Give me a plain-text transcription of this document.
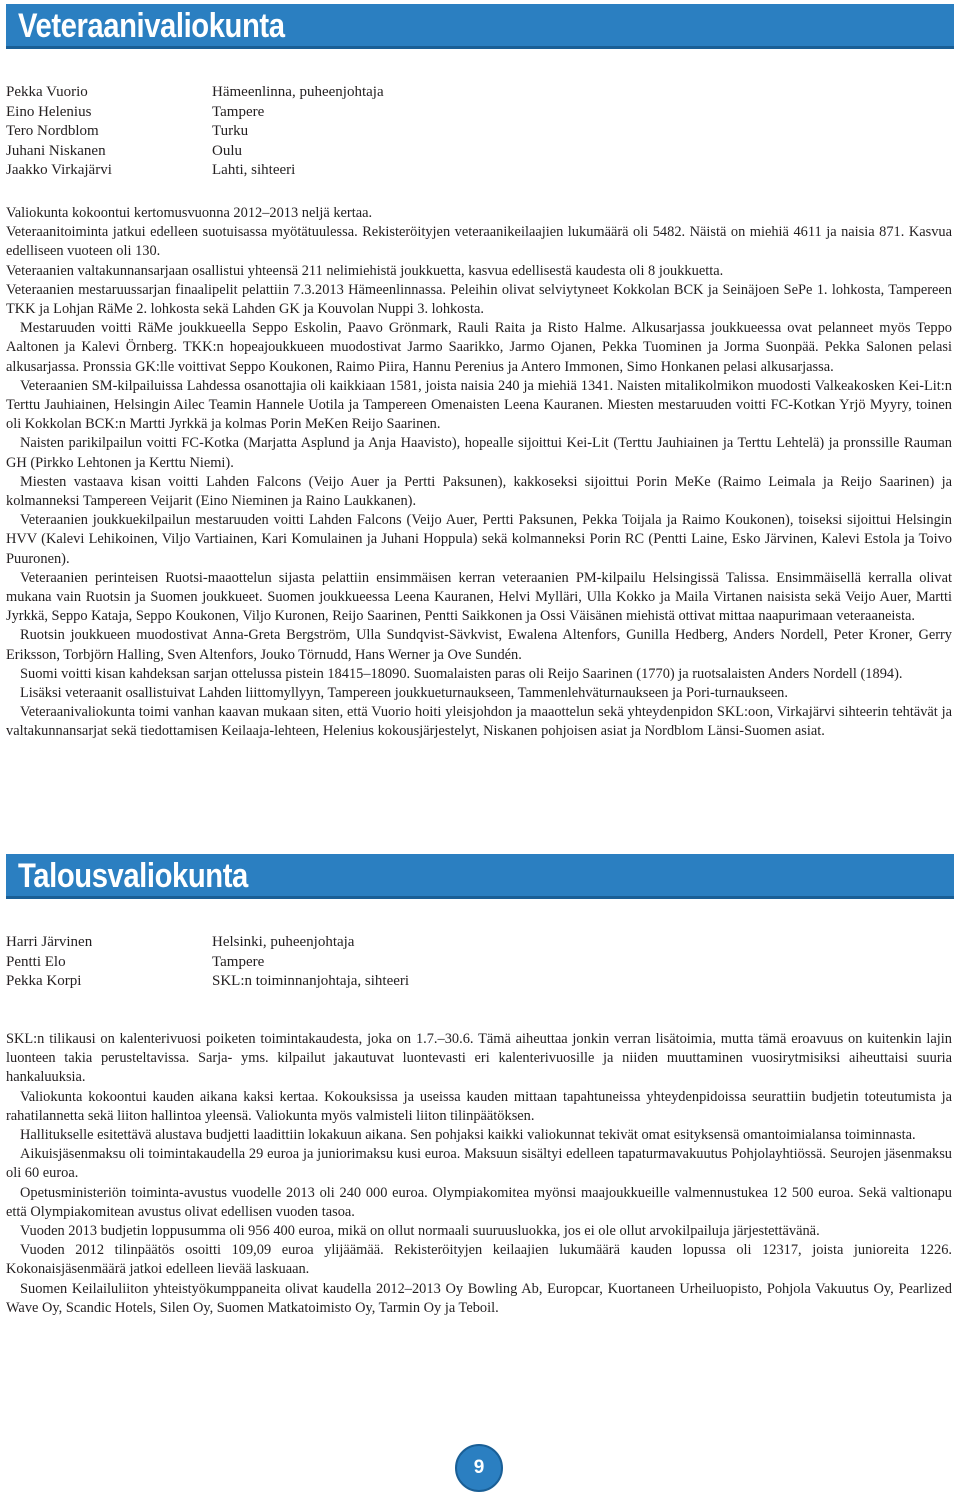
Veteraanivaliokunta
Pekka Vuorio	Hämeenlinna, puheenjohtaja
Eino Helenius	Tampere
Tero Nordblom	Turku
Juhani Niskanen	Oulu
Jaakko Virkajärvi	Lahti, sihteeri

Valiokunta kokoontui kertomusvuonna 2012–2013 neljä kertaa.

Veteraanitoiminta jatkui edelleen suotuisassa myötätuulessa. Rekisteröityjen veteraanikeilaajien lukumäärä oli 5482. Näistä on miehiä 4611 ja naisia 871. Kasvua edelliseen vuoteen oli 130.

Veteraanien valtakunnansarjaan osallistui yhteensä 211 nelimiehistä joukkuetta, kasvua edellisestä kaudesta oli 8 joukkuetta.

Veteraanien mestaruussarjan finaalipelit pelattiin 7.3.2013 Hämeenlinnassa. Peleihin olivat selviytyneet Kokkolan BCK ja Seinäjoen SePe 1. lohkosta, Tampereen TKK ja Lohjan RäMe 2. lohkosta sekä Lahden GK ja Kouvolan Nuppi 3. lohkosta.

Mestaruuden voitti RäMe joukkueella Seppo Eskolin, Paavo Grönmark, Rauli Raita ja Risto Halme. Alkusarjassa joukkueessa ovat pelanneet myös Teppo Aaltonen ja Kalevi Örnberg. TKK:n hopeajoukkueen muodostivat Jarmo Saarikko, Jarmo Ojanen, Pekka Tuominen ja Jorma Suonpää. Pekka Salonen pelasi alkusarjassa. Pronssia GK:lle voittivat Seppo Koukonen, Raimo Piira, Hannu Perenius ja Antero Immonen, Simo Honkanen pelasi alkusarjassa.

Veteraanien SM-kilpailuissa Lahdessa osanottajia oli kaikkiaan 1581, joista naisia 240 ja miehiä 1341. Naisten mitalikolmikon muodosti Valkeakosken Kei-Lit:n Terttu Jauhiainen, Helsingin Ailec Teamin Hannele Uotila ja Tampereen Omenaisten Leena Kauranen. Miesten mestaruuden voitti FC-Kotkan Yrjö Myyry, toinen oli Kokkolan BCK:n Martti Jyrkkä ja kolmas Porin MeKen Reijo Saarinen.

Naisten parikilpailun voitti FC-Kotka (Marjatta Asplund ja Anja Haavisto), hopealle sijoittui Kei-Lit (Terttu Jauhiainen ja Terttu Lehtelä) ja pronssille Rauman GH (Pirkko Lehtonen ja Kerttu Niemi).

Miesten vastaava kisan voitti Lahden Falcons (Veijo Auer ja Pertti Paksunen), kakkoseksi sijoittui Porin MeKe (Raimo Leimala ja Reijo Saarinen) ja kolmanneksi Tampereen Veijarit (Eino Nieminen ja Raino Laukkanen).

Veteraanien joukkuekilpailun mestaruuden voitti Lahden Falcons (Veijo Auer, Pertti Paksunen, Pekka Toijala ja Raimo Koukonen), toiseksi sijoittui Helsingin HVV (Kalevi Lehikoinen, Viljo Vartiainen, Kari Komulainen ja Juhani Hoppula) sekä kolmanneksi Porin RC (Pentti Laine, Esko Järvinen, Kalevi Estola ja Toivo Puuronen).

Veteraanien perinteisen Ruotsi-maaottelun sijasta pelattiin ensimmäisen kerran veteraanien PM-kilpailu Helsingissä Talissa. Ensimmäisellä kerralla olivat mukana vain Ruotsin ja Suomen joukkueet. Suomen joukkueessa Leena Kauranen, Helvi Mylläri, Ulla Kokko ja Maila Virtanen naisista sekä Veijo Auer, Martti Jyrkkä, Seppo Kataja, Seppo Koukonen, Viljo Kuronen, Reijo Saarinen, Pentti Saikkonen ja Ossi Väisänen miehistä ottivat mittaa naapurimaan veteraaneista.

Ruotsin joukkueen muodostivat Anna-Greta Bergström, Ulla Sundqvist-Sävkvist, Ewalena Altenfors, Gunilla Hedberg, Anders Nordell, Peter Kroner, Gerry Eriksson, Torbjörn Halling, Sven Altenfors, Jouko Törnudd, Hans Werner ja Ove Sundén.

Suomi voitti kisan kahdeksan sarjan ottelussa pistein 18415–18090. Suomalaisten paras oli Reijo Saarinen (1770) ja ruotsalaisten Anders Nordell (1894).

Lisäksi veteraanit osallistuivat Lahden liittomyllyyn, Tampereen joukkueturnaukseen, Tammenlehväturnaukseen ja Pori-turnaukseen.

Veteraanivaliokunta toimi vanhan kaavan mukaan siten, että Vuorio hoiti yleisjohdon ja maaottelun sekä yhteydenpidon SKL:oon, Virkajärvi sihteerin tehtävät ja valtakunnansarjat sekä tiedottamisen Keilaaja-lehteen, Helenius kokousjärjestelyt, Niskanen pohjoisen asiat ja Nordblom Länsi-Suomen asiat.

Talousvaliokunta
Harri Järvinen	Helsinki, puheenjohtaja
Pentti Elo	Tampere
Pekka Korpi	SKL:n toiminnanjohtaja, sihteeri

SKL:n tilikausi on kalenterivuosi poiketen toimintakaudesta, joka on 1.7.–30.6. Tämä aiheuttaa jonkin verran lisätoimia, mutta tämä eroavuus on kuitenkin lajin luonteen takia perusteltavissa. Sarja- yms. kilpailut jakautuvat luontevasti eri kalenterivuosille ja niiden muuttaminen vuosirytmisiksi aiheuttaisi suuria hankaluuksia.

Valiokunta kokoontui kauden aikana kaksi kertaa. Kokouksissa ja useissa kauden mittaan tapahtuneissa yhteydenpidoissa seurattiin budjetin toteutumista ja rahatilannetta sekä liiton hallintoa yleensä. Valiokunta myös valmisteli liiton tilinpäätöksen.

Hallitukselle esitettävä alustava budjetti laadittiin lokakuun aikana. Sen pohjaksi kaikki valiokunnat tekivät omat esityksensä omantoimialansa toiminnasta.

Aikuisjäsenmaksu oli toimintakaudella 29 euroa ja juniorimaksu kusi euroa. Maksuun sisältyi edelleen tapaturmavakuutus Pohjolayhtiössä. Seurojen jäsenmaksu oli 60 euroa.

Opetusministeriön toiminta-avustus vuodelle 2013 oli 240 000 euroa. Olympiakomitea myönsi maajoukkueille valmennustukea 12 500 euroa. Sekä valtionapu että Olympiakomitean avustus olivat edellisen vuoden tasoa.

Vuoden 2013 budjetin loppusumma oli 956 400 euroa, mikä on ollut normaali suuruusluokka, jos ei ole ollut arvokilpailuja järjestettävänä.

Vuoden 2012 tilinpäätös osoitti 109,09 euroa ylijäämää. Rekisteröityjen keilaajien lukumäärä kauden lopussa oli 12317, joista junioreita 1226. Kokonaisjäsenmäärä jatkoi edelleen lievää laskuaan.

Suomen Keilailuliiton yhteistyökumppaneita olivat kaudella 2012–2013 Oy Bowling Ab, Europcar, Kuortaneen Urheiluopisto, Pohjola Vakuutus Oy, Pearlized Wave Oy, Scandic Hotels, Silen Oy, Suomen Matkatoimisto Oy, Tarmin Oy ja Teboil.

9
